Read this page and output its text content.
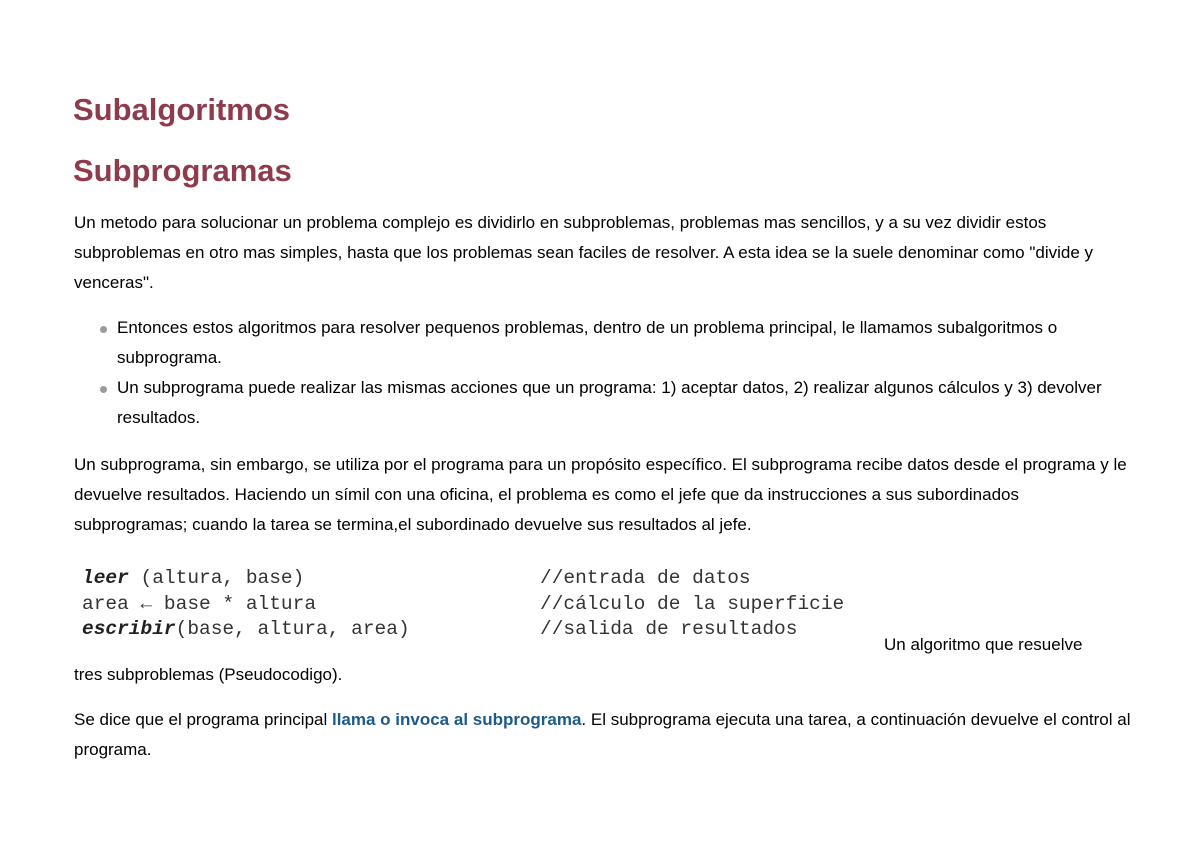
Subalgoritmos
Subprogramas

Un metodo para solucionar un problema complejo es dividirlo en subproblemas, problemas mas sencillos, y a su vez dividir estos subproblemas en otro mas simples, hasta que los problemas sean faciles de resolver. A esta idea se la suele denominar como "divide y venceras".

Entonces estos algoritmos para resolver pequenos problemas, dentro de un problema principal, le llamamos subalgoritmos o subprograma.
Un subprograma puede realizar las mismas acciones que un programa: 1) aceptar datos, 2) realizar algunos cálculos y 3) devolver resultados.

Un subprograma, sin embargo, se utiliza por el programa para un propósito específico. El subprograma recibe datos desde el programa y le devuelve resultados. Haciendo un símil con una oficina, el problema es como el jefe que da instrucciones a sus subordinados subprogramas; cuando la tarea se termina,el subordinado devuelve sus resultados al jefe.

leer (altura, base)	//entrada de datos
area ← base * altura	//cálculo de la superficie
escribir(base, altura, area)	//salida de resultados
Un algoritmo que resuelve

tres subproblemas (Pseudocodigo).

Se dice que el programa principal llama o invoca al subprograma. El subprograma ejecuta una tarea, a continuación devuelve el control al programa.
